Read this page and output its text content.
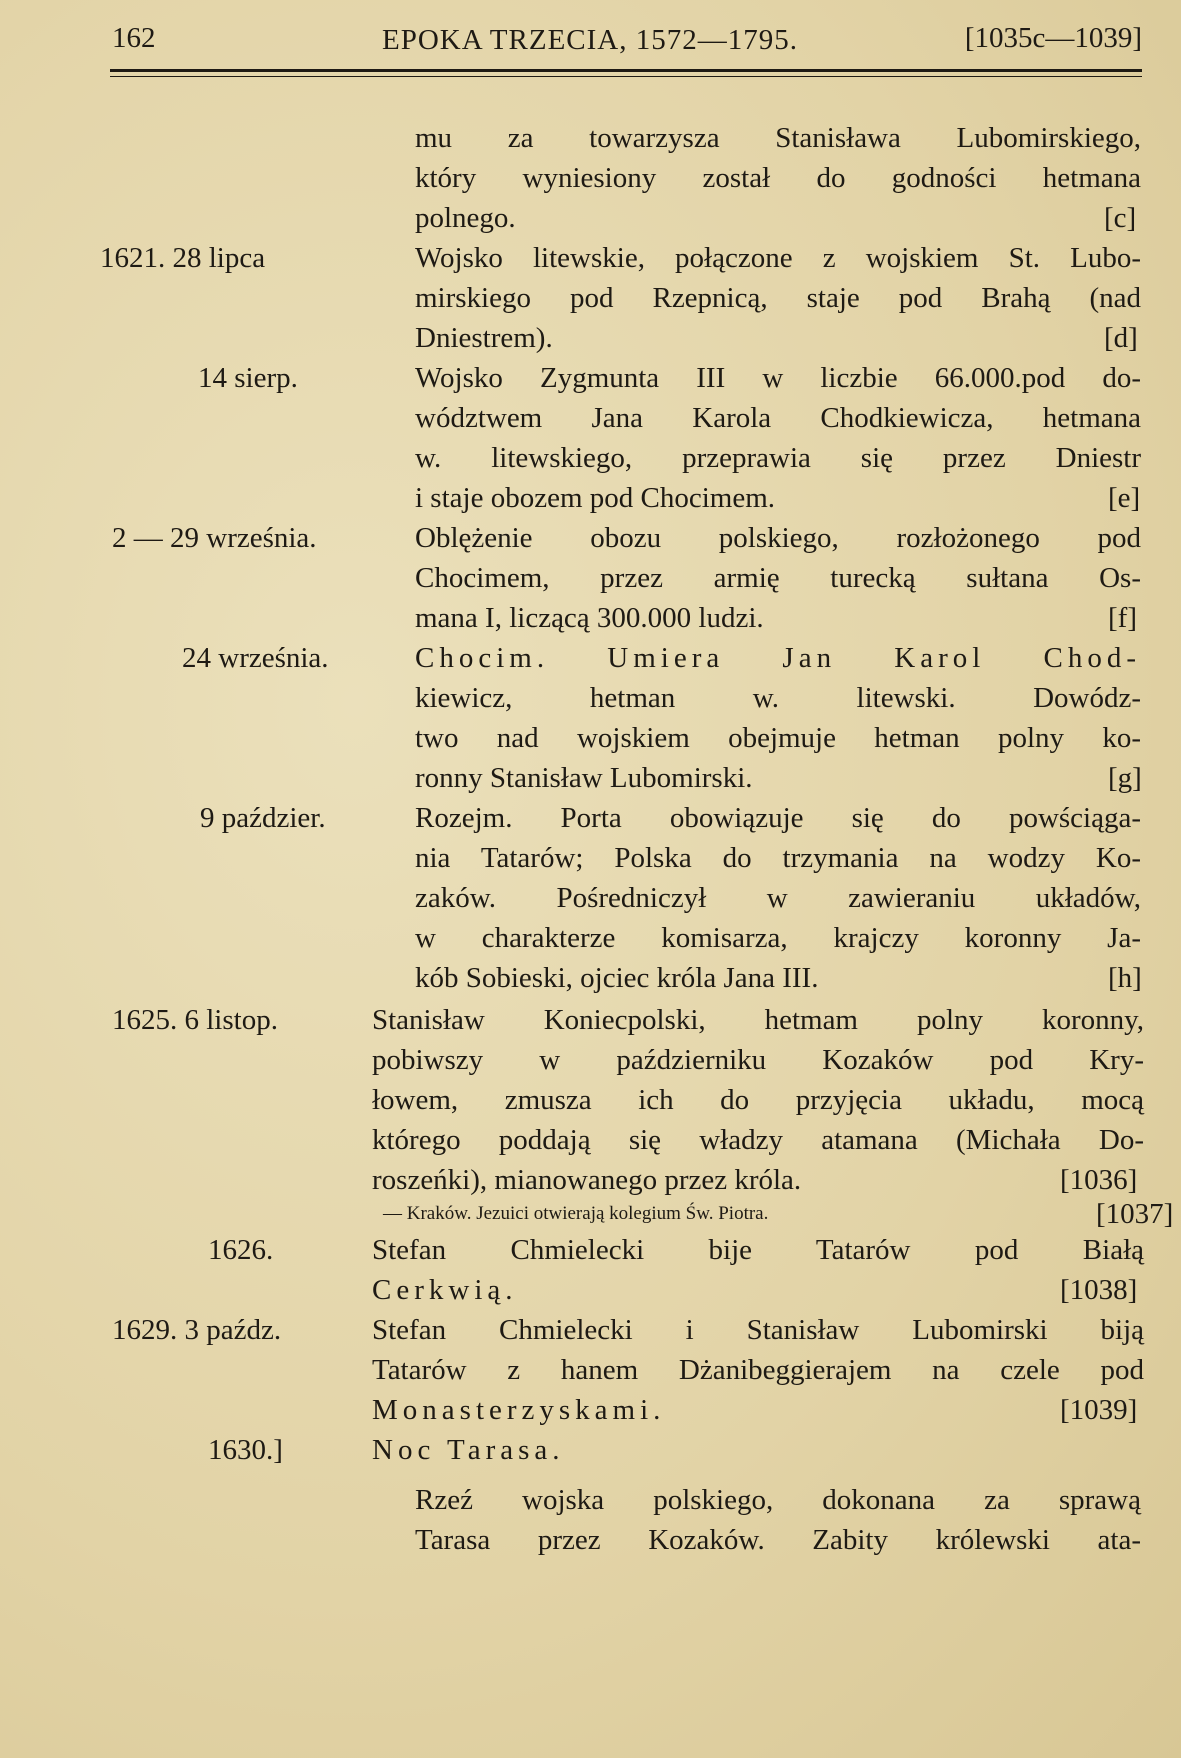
162	EPOKA TRZECIA, 1572—1795.	[1035c—1039]
mu za towarzysza Stanisława Lubomirskiego,
który wyniesiony został do godności hetmana
polnego.	[c]
1621. 28 lipca	Wojsko litewskie, połączone z wojskiem St. Lubo-
mirskiego pod Rzepnicą, staje pod Brahą (nad
Dniestrem).	[d]
14 sierp.	Wojsko Zygmunta III w liczbie 66.000.pod do-
wództwem Jana Karola Chodkiewicza, hetmana
w. litewskiego, przeprawia się przez Dniestr
i staje obozem pod Chocimem.	[e]
2 — 29 września.	Oblężenie obozu polskiego, rozłożonego pod
Chocimem, przez armię turecką sułtana Os-
mana I, liczącą 300.000 ludzi.	[f]
24 września.	Chocim. Umiera Jan Karol Chod-
kiewicz, hetman w. litewski. Dowódz-
two nad wojskiem obejmuje hetman polny ko-
ronny Stanisław Lubomirski.	[g]
9 paździer.	Rozejm. Porta obowiązuje się do powściąga-
nia Tatarów; Polska do trzymania na wodzy Ko-
zaków. Pośredniczył w zawieraniu układów,
w charakterze komisarza, krajczy koronny Ja-
kób Sobieski, ojciec króla Jana III.	[h]
1625. 6 listop.	Stanisław Koniecpolski, hetmam polny koronny,
pobiwszy w październiku Kozaków pod Kry-
łowem, zmusza ich do przyjęcia układu, mocą
którego poddają się władzy atamana (Michała Do-
roszeńki), mianowanego przez króla.	[1036]
— Kraków. Jezuici otwierają kolegium Św. Piotra.	[1037]
1626.	Stefan Chmielecki bije Tatarów pod Białą
Cerkwią.	[1038]
1629. 3 paźdz.	Stefan Chmielecki i Stanisław Lubomirski biją
Tatarów z hanem Dżanibeggierajem na czele pod
Monasterzyskami.	[1039]
1630.]	Noc Tarasa.
Rzeź wojska polskiego, dokonana za sprawą
Tarasa przez Kozaków. Zabity królewski ata-
